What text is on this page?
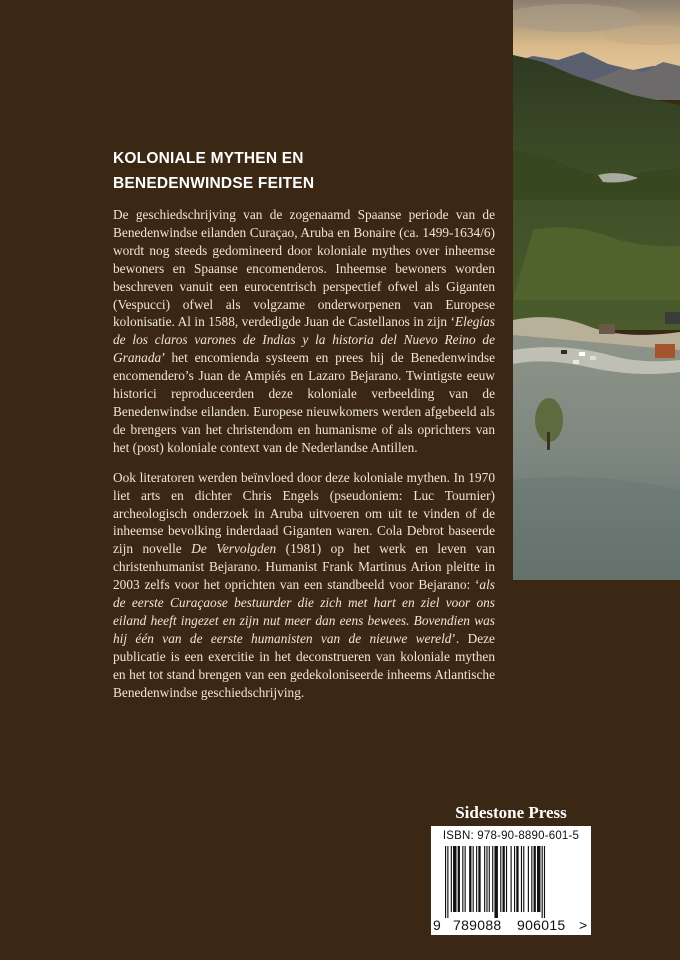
KOLONIALE MYTHEN EN
BENEDENWINDSE FEITEN

De geschiedschrijving van de zogenaamd Spaanse periode van de Benedenwindse eilanden Curaçao, Aruba en Bonaire (ca. 1499-1634/6) wordt nog steeds gedomineerd door koloniale mythes over inheemse bewoners en Spaanse encomenderos. Inheemse bewoners worden beschreven vanuit een eurocentrisch perspectief ofwel als Giganten (Vespucci) ofwel als volgzame onderworpenen van Europese kolonisatie. Al in 1588, verdedigde Juan de Castellanos in zijn ‘Elegías de los claros varones de Indias y la historia del Nuevo Reino de Granada’ het encomienda systeem en prees hij de Benedenwindse encomendero’s Juan de Ampiés en Lazaro Bejarano. Twintigste eeuw historici reproduceerden deze koloniale verbeelding van de Benedenwindse eilanden. Europese nieuwkomers werden afgebeeld als de brengers van het christendom en humanisme of als oprichters van het (post) koloniale context van de Nederlandse Antillen.

Ook literatoren werden beïnvloed door deze koloniale mythen. In 1970 liet arts en dichter Chris Engels (pseudoniem: Luc Tournier) archeologisch onderzoek in Aruba uitvoeren om uit te vinden of de inheemse bevolking inderdaad Giganten waren. Cola Debrot baseerde zijn novelle De Vervolgden (1981) op het werk en leven van christenhumanist Bejarano. Humanist Frank Martinus Arion pleitte in 2003 zelfs voor het oprichten van een standbeeld voor Bejarano: ‘als de eerste Curaçaose bestuurder die zich met hart en ziel voor ons eiland heeft ingezet en zijn nut meer dan eens bewees. Bovendien was hij één van de eerste humanisten van de nieuwe wereld’. Deze publicatie is een exercitie in het deconstrueren van koloniale mythen en het tot stand brengen van een gedekoloniseerde inheems Atlantische Benedenwindse geschiedschrijving.

Sidestone Press
ISBN: 978-90-8890-601-5
9 789088 906015 >
